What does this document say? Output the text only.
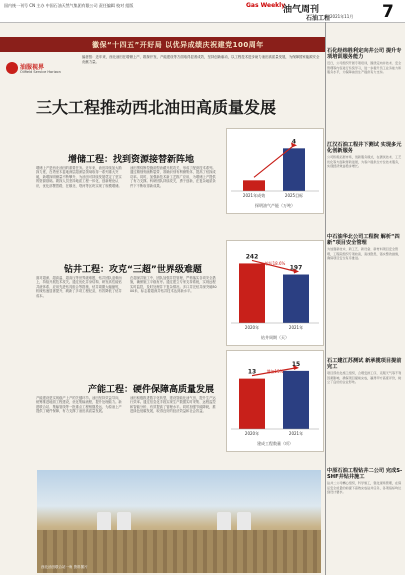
国内统一刊号 CN 主办 中国石油天然气集团有限公司 责任编辑 校对 组版	Gas Weekly
油气周刊
石油工程 2021年11月 7
徽保“十四五”开好局 以优异成绩庆祝建党100周年
油服视界
Oilfield Service Horizon
编者按：近年来，西北油田在增储上产、勘探开发、产能建设等方面取得显著成效，坚持创新驱动，以工程技术进步助力油田高质量发展，为保障国家能源安全贡献力量。
三大工程推动西北油田高质量发展
增储工程：找到资源接替新阵地
增储上产是西北油田的重要任务。近年来，油田持续加大勘探力度，在塔里木盆地深层超深层领域取得一系列重大突破，新增探明储量不断攀升，为油田可持续发展奠定了坚实的资源基础。勘探人员坚持地质工程一体化，创新理论认识，优化部署思路，在顺北、塔河等区块实现了规模增储。
油田围绕断控缝洞型油藏开展攻关，形成了配套技术系列。通过精细刻画断裂带，准确识别有利储集体，提高了钻探成功率。同时，加强新技术新工艺推广应用，为增储上产提供了有力支撑。科研团队持续攻关，勇于创新，在复杂地质条件下不断取得新成果。
钻井工程：攻克“三超”世界级难题
面对超深、超高温、超高压等世界级难题，钻井团队迎难而上，持续开展技术攻关。通过优化井身结构、研发高性能钻井液体系、应用先进钻具组合等措施，钻井周期大幅缩短，机械钻速显著提升，刷新了多项工程纪录，有效降低了钻井成本。
在超深井施工中，团队加强井控管理，严格落实各项安全措施，确保施工平稳有序。通过建立专家支持系统，实现远程实时监控，及时处理井下复杂情况。多口井完钻井深突破8000米，标志着超深井钻井技术达到新水平。
产能工程：硬件保障高质量发展
产能建设是实现稳产上产的关键环节。油田坚持效益导向，统筹推进地面工程建设，优化集输流程，提升处理能力。新建联合站、集输管线等一批重点工程相继投运，为原油上产提供了硬件保障，有力支撑了油田高质量发展。
油田积极推进数字化转型，建设智能化油气田，提升生产运行效率。通过信息化手段实现生产数据实时采集、远程监控和智能分析，有效提高了管理水平。同时加强节能降耗，推进绿色低碳发展，取得良好的经济效益和社会效益。
2021年成效	2025目标
4
探明油气产能（万吨）
2020年	2021年
242
197
缩短18.6%
钻井周期（天）
2020年	2021年
13
15
增加15%
建成工程数量（项）
西北油田联合站一角 资料图片
石化经纬胜利定向井公司 提升专项培训服务能力
近日，公司组织开展专项培训，围绕定向井技术、安全管理等内容进行系统学习，进一步提升员工业务能力和服务水平，为保障油田生产提供有力支持。
江汉石油工程井下测试 实现多元化创新服务
公司积极拓展市场，创新服务模式，在测试技术、工艺优化等方面取得新进展，为客户提供全方位技术服务，实现经济效益稳步增长。
中石油华北公司工程院 解析“四新”项目安全管理
为加强新技术、新工艺、新设备、新材料项目安全管理，工程院组织专项检查，查找隐患，落实整改措施，确保项目安全有序推进。
石工建江苏测试 新承揽项目提前完工
项目部优化施工组织，合理安排工序，克服天气等不利因素影响，确保项目提前完成，赢得甲方高度评价，树立了良好的企业形象。
中原石油工程钻井二公司 完成S-SHF井钻井施工
钻井二公司精心组织，科学施工，强化现场管理，在保证安全质量的前提下高效完成钻井任务，各项指标均达到设计要求。
